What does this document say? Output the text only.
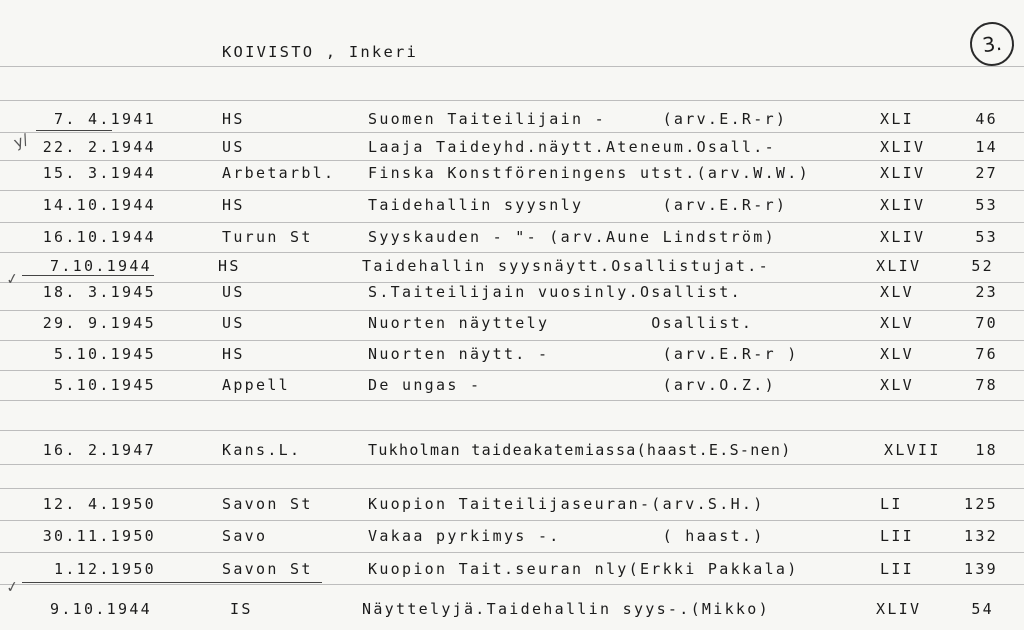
KOIVISTO , Inkeri	3.
7. 4.1941	HS	Suomen Taiteilijain -     (arv.E.R-r)	XLI	46
22. 2.1944	US	Laaja Taideyhd.näytt.Ateneum.Osall.-	XLIV	14
y/
15. 3.1944	Arbetarbl. Finska Konstföreningens utst.(arv.W.W.)	XLIV	27
14.10.1944	HS	Taidehallin syysnly       (arv.E.R-r)	XLIV	53
16.10.1944	Turun St	Syyskauden - "- (arv.Aune Lindström)	XLIV	53
7.10.1944	HS	Taidehallin syysnäytt.Osallistujat.-	XLIV	52
✓
18. 3.1945	US	S.Taiteilijain vuosinly.Osallist.	XLV	23
29. 9.1945	US	Nuorten näyttely         Osallist.	XLV	70
5.10.1945	HS	Nuorten näytt. -          (arv.E.R-r )	XLV	76
5.10.1945	Appell	De ungas -                (arv.O.Z.)	XLV	78
16. 2.1947	Kans.L.	Tukholman taideakatemiassa(haast.E.S-nen)	XLVII 18
12. 4.1950	Savon St	Kuopion Taiteilijaseuran-(arv.S.H.)	LI	125
30.11.1950	Savo	Vakaa pyrkimys -.         ( haast.)	LII	132
1.12.1950	Savon St	Kuopion Tait.seuran nly(Erkki Pakkala)	LII	139
✓
9.10.1944	IS	Näyttelyjä.Taidehallin syys-.(Mikko)	XLIV	54
